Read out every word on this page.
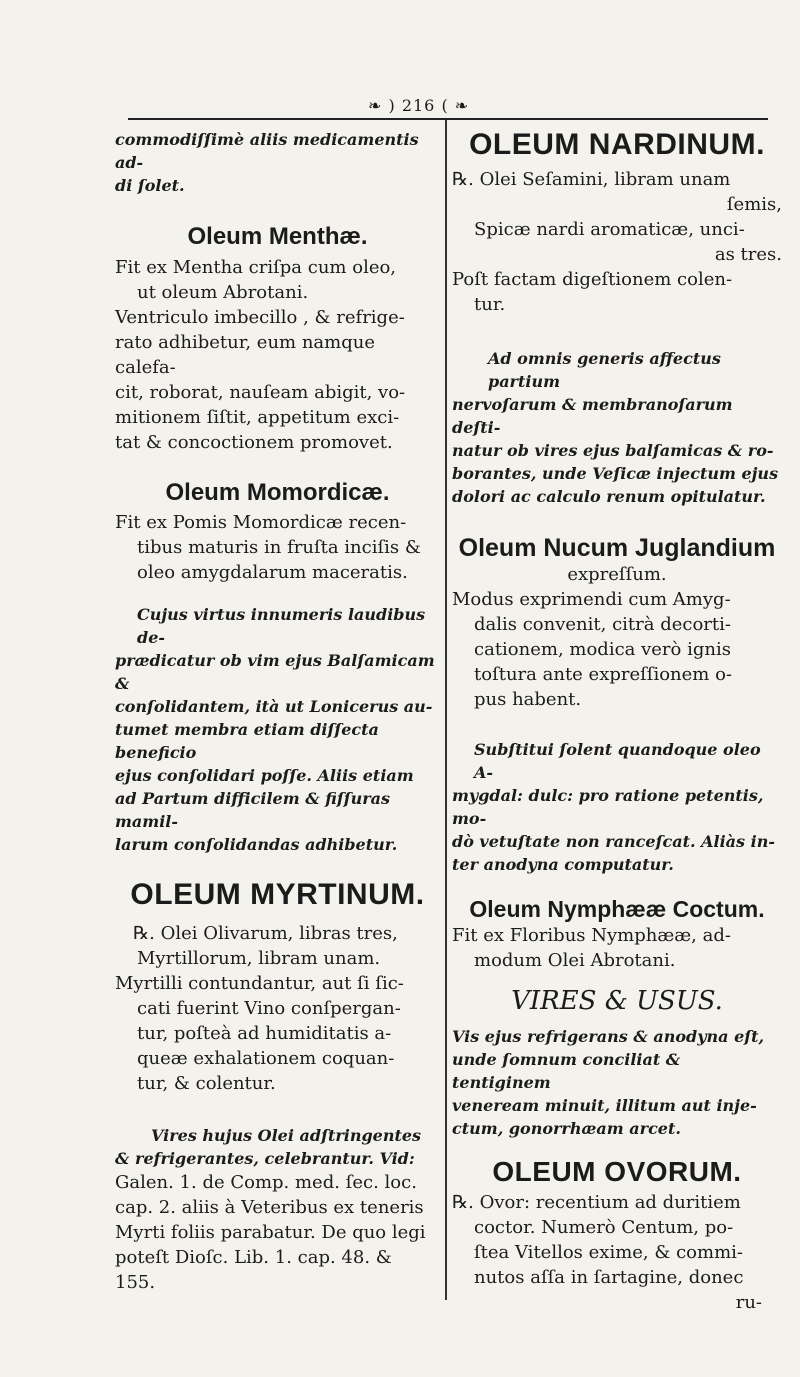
❧ ) 216 ( ❧

commodiſſimè aliis medicamentis ad-
di ſolet.

Oleum Menthæ.

Fit ex Mentha criſpa cum oleo,

ut oleum Abrotani.

Ventriculo imbecillo , & refrige-

rato adhibetur, eum namque calefa-

cit, roborat, nauſeam abigit, vo-

mitionem ſiſtit, appetitum exci-

tat & concoctionem promovet.

Oleum Momordicæ.

Fit ex Pomis Momordicæ recen-

tibus maturis in fruſta inciſis &

oleo amygdalarum maceratis.

Cujus virtus innumeris laudibus de-

prædicatur ob vim ejus Balſamicam &

conſolidantem, ità ut Lonicerus au-

tumet membra etiam diſſecta beneficio

ejus conſolidari poſſe. Aliis etiam

ad Partum difficilem & fiſſuras mamil-

larum conſolidandas adhibetur.

OLEUM MYRTINUM.

℞. Olei Olivarum, libras tres,

Myrtillorum, libram unam.

Myrtilli contundantur, aut ſi ſic-

cati fuerint Vino conſpergan-

tur, poſteà ad humiditatis a-

queæ exhalationem coquan-

tur, & colentur.

Vires hujus Olei adſtringentes

& refrigerantes, celebrantur. Vid:

Galen. 1. de Comp. med. ſec. loc.

cap. 2. aliis à Veteribus ex teneris

Myrti foliis parabatur. De quo legi

poteſt Dioſc. Lib. 1. cap. 48. &

155.

OLEUM NARDINUM.

℞. Olei Seſamini, libram unam

ſemis,

Spicæ nardi aromaticæ, unci-

as tres.

Poſt factam digeſtionem colen-

tur.

Ad omnis generis affectus partium

nervoſarum & membranoſarum deſti-

natur ob vires ejus balſamicas & ro-

borantes, unde Veſicæ injectum ejus

dolori ac calculo renum opitulatur.

Oleum Nucum Juglandium

expreſſum.

Modus exprimendi cum Amyg-

dalis convenit, citrà decorti-

cationem, modica verò ignis

toſtura ante expreſſionem o-

pus habent.

Subſtitui ſolent quandoque oleo A-

mygdal: dulc: pro ratione petentis, mo-

dò vetuſtate non ranceſcat. Aliàs in-

ter anodyna computatur.

Oleum Nymphææ Coctum.

Fit ex Floribus Nymphææ, ad-

modum Olei Abrotani.

VIRES & USUS.

Vis ejus refrigerans & anodyna eſt,

unde ſomnum conciliat & tentiginem

veneream minuit, illitum aut inje-

ctum, gonorrhæam arcet.

OLEUM OVORUM.

℞. Ovor: recentium ad duritiem

coctor. Numerò Centum, po-

ſtea Vitellos exime, & commi-

nutos aſſa in ſartagine, donec

ru-
